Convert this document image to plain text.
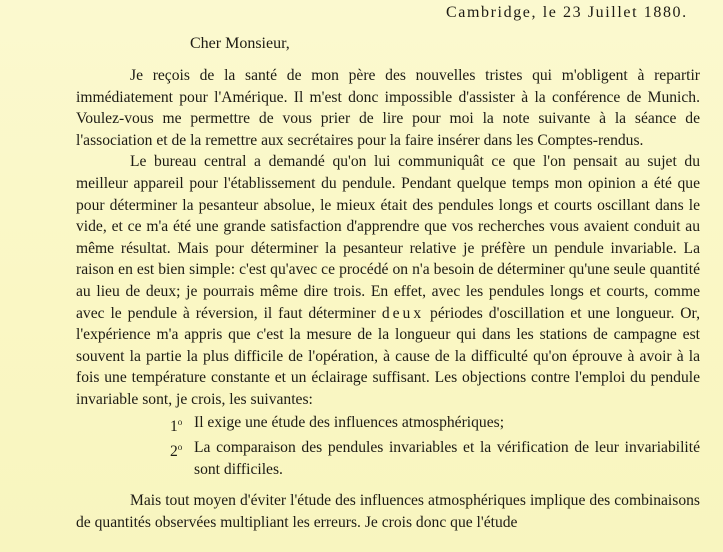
Cambridge, le 23 Juillet 1880.
Cher Monsieur,

Je reçois de la santé de mon père des nouvelles tristes qui m'obligent à repartir immédiatement pour l'Amérique. Il m'est donc impossible d'assister à la conférence de Munich. Voulez-vous me permettre de vous prier de lire pour moi la note suivante à la séance de l'association et de la remettre aux secrétaires pour la faire insérer dans les Comptes-rendus.

Le bureau central a demandé qu'on lui communiquât ce que l'on pensait au sujet du meilleur appareil pour l'établissement du pendule. Pendant quelque temps mon opinion a été que pour déterminer la pesanteur absolue, le mieux était des pendules longs et courts oscillant dans le vide, et ce m'a été une grande satisfaction d'apprendre que vos recherches vous avaient conduit au même résultat. Mais pour déterminer la pesanteur relative je préfère un pendule invariable. La raison en est bien simple: c'est qu'avec ce procédé on n'a besoin de déterminer qu'une seule quantité au lieu de deux; je pourrais même dire trois. En effet, avec les pendules longs et courts, comme avec le pendule à réversion, il faut déterminer deux périodes d'oscillation et une longueur. Or, l'expérience m'a appris que c'est la mesure de la longueur qui dans les stations de campagne est souvent la partie la plus difficile de l'opération, à cause de la difficulté qu'on éprouve à avoir à la fois une température constante et un éclairage suffisant. Les objections contre l'emploi du pendule invariable sont, je crois, les suivantes:

1$^o$ Il exige une étude des influences atmosphériques;
2$^o$ La comparaison des pendules invariables et la vérification de leur invariabilité sont difficiles.

Mais tout moyen d'éviter l'étude des influences atmosphériques implique des combinaisons de quantités observées multipliant les erreurs. Je crois donc que l'étude
